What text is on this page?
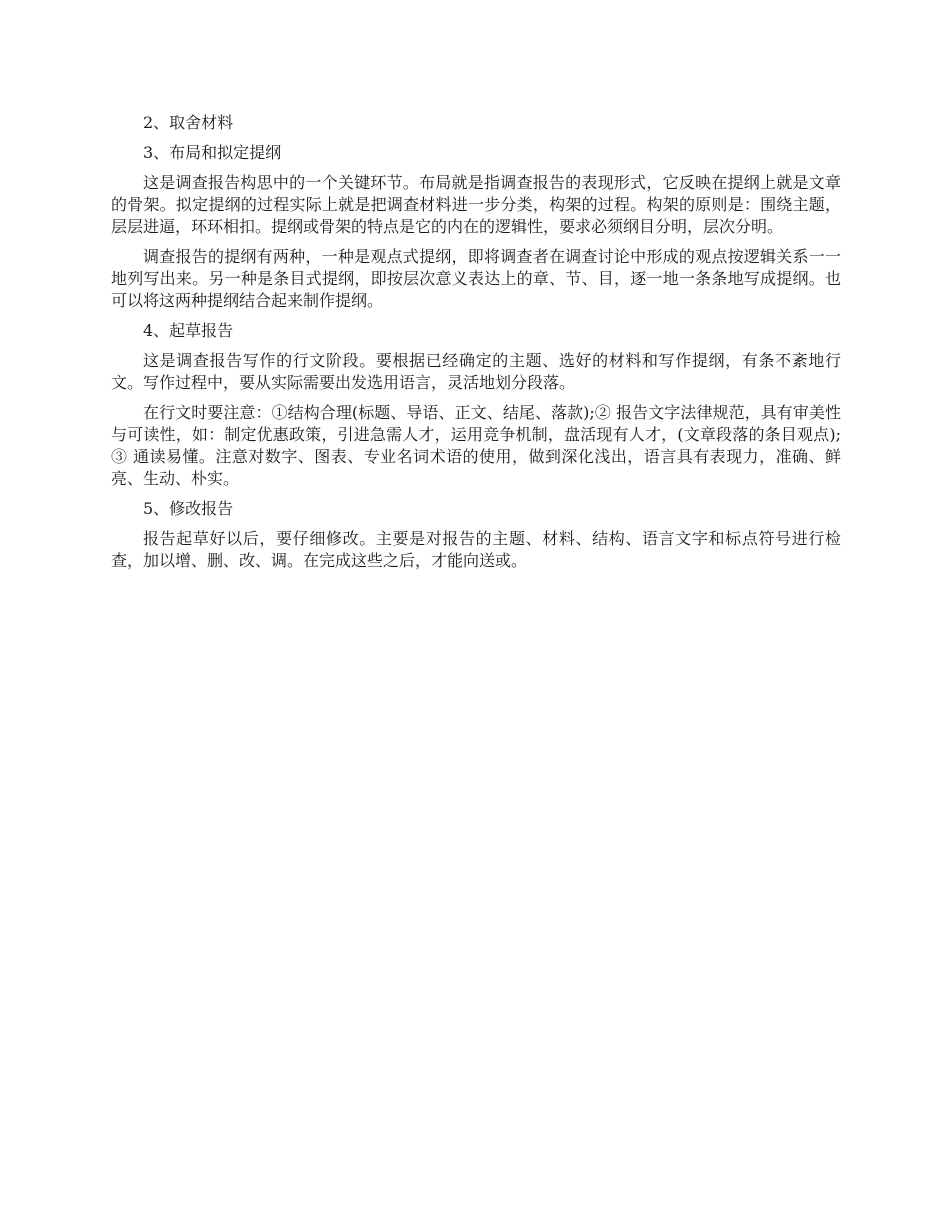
2、取舍材料
3、布局和拟定提纲
这是调查报告构思中的一个关键环节。布局就是指调查报告的表现形式，它反映在提纲上就是文章的骨架。拟定提纲的过程实际上就是把调查材料进一步分类，构架的过程。构架的原则是：围绕主题，层层进逼，环环相扣。提纲或骨架的特点是它的内在的逻辑性，要求必须纲目分明，层次分明。
调查报告的提纲有两种，一种是观点式提纲，即将调查者在调查讨论中形成的观点按逻辑关系一一地列写出来。另一种是条目式提纲，即按层次意义表达上的章、节、目，逐一地一条条地写成提纲。也可以将这两种提纲结合起来制作提纲。
4、起草报告
这是调查报告写作的行文阶段。要根据已经确定的主题、选好的材料和写作提纲，有条不紊地行文。写作过程中，要从实际需要出发选用语言，灵活地划分段落。
在行文时要注意：①结构合理(标题、导语、正文、结尾、落款);② 报告文字法律规范，具有审美性与可读性，如：制定优惠政策，引进急需人才，运用竞争机制，盘活现有人才，(文章段落的条目观点);③ 通读易懂。注意对数字、图表、专业名词术语的使用，做到深化浅出，语言具有表现力，准确、鲜亮、生动、朴实。
5、修改报告
报告起草好以后，要仔细修改。主要是对报告的主题、材料、结构、语言文字和标点符号进行检查，加以增、删、改、调。在完成这些之后，才能向送或。
